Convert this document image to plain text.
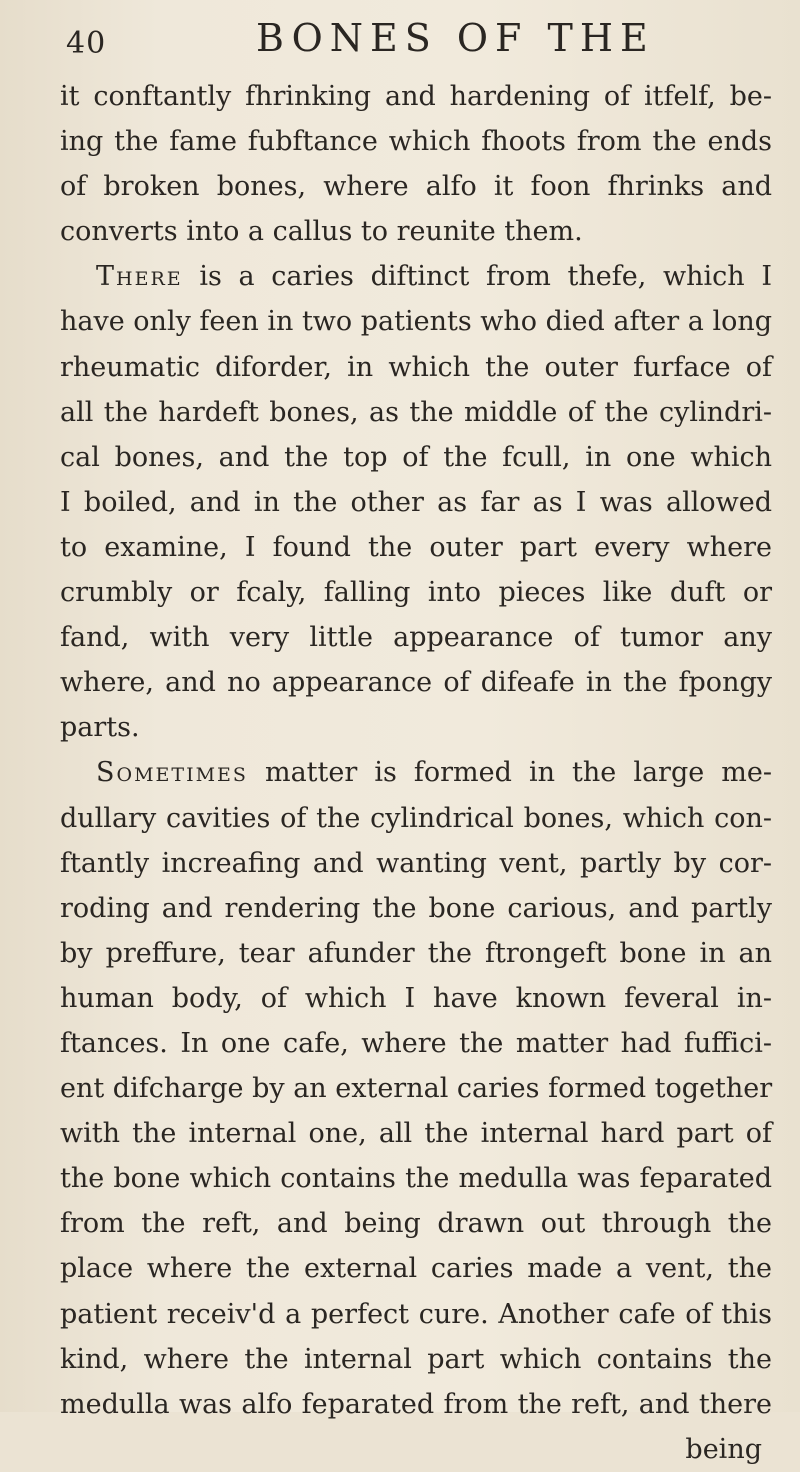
40	BONES OF THE
it conftantly fhrinking and hardening of itfelf, be-
ing the fame fubftance which fhoots from the ends
of broken bones, where alfo it foon fhrinks and
converts into a callus to reunite them.
There is a caries diftinct from thefe, which I
have only feen in two patients who died after a long
rheumatic diforder, in which the outer furface of
all the hardeft bones, as the middle of the cylindri-
cal bones, and the top of the fcull, in one which
I boiled, and in the other as far as I was allowed
to examine, I found the outer part every where
crumbly or fcaly, falling into pieces like duft or
fand, with very little appearance of tumor any
where, and no appearance of difeafe in the fpongy
parts.
Sometimes matter is formed in the large me-
dullary cavities of the cylindrical bones, which con-
ftantly increafing and wanting vent, partly by cor-
roding and rendering the bone carious, and partly
by preffure, tear afunder the ftrongeft bone in an
human body, of which I have known feveral in-
ftances. In one cafe, where the matter had fuffici-
ent difcharge by an external caries formed together
with the internal one, all the internal hard part of
the bone which contains the medulla was feparated
from the reft, and being drawn out through the
place where the external caries made a vent, the
patient receiv'd a perfect cure. Another cafe of this
kind, where the internal part which contains the
medulla was alfo feparated from the reft, and there
being
